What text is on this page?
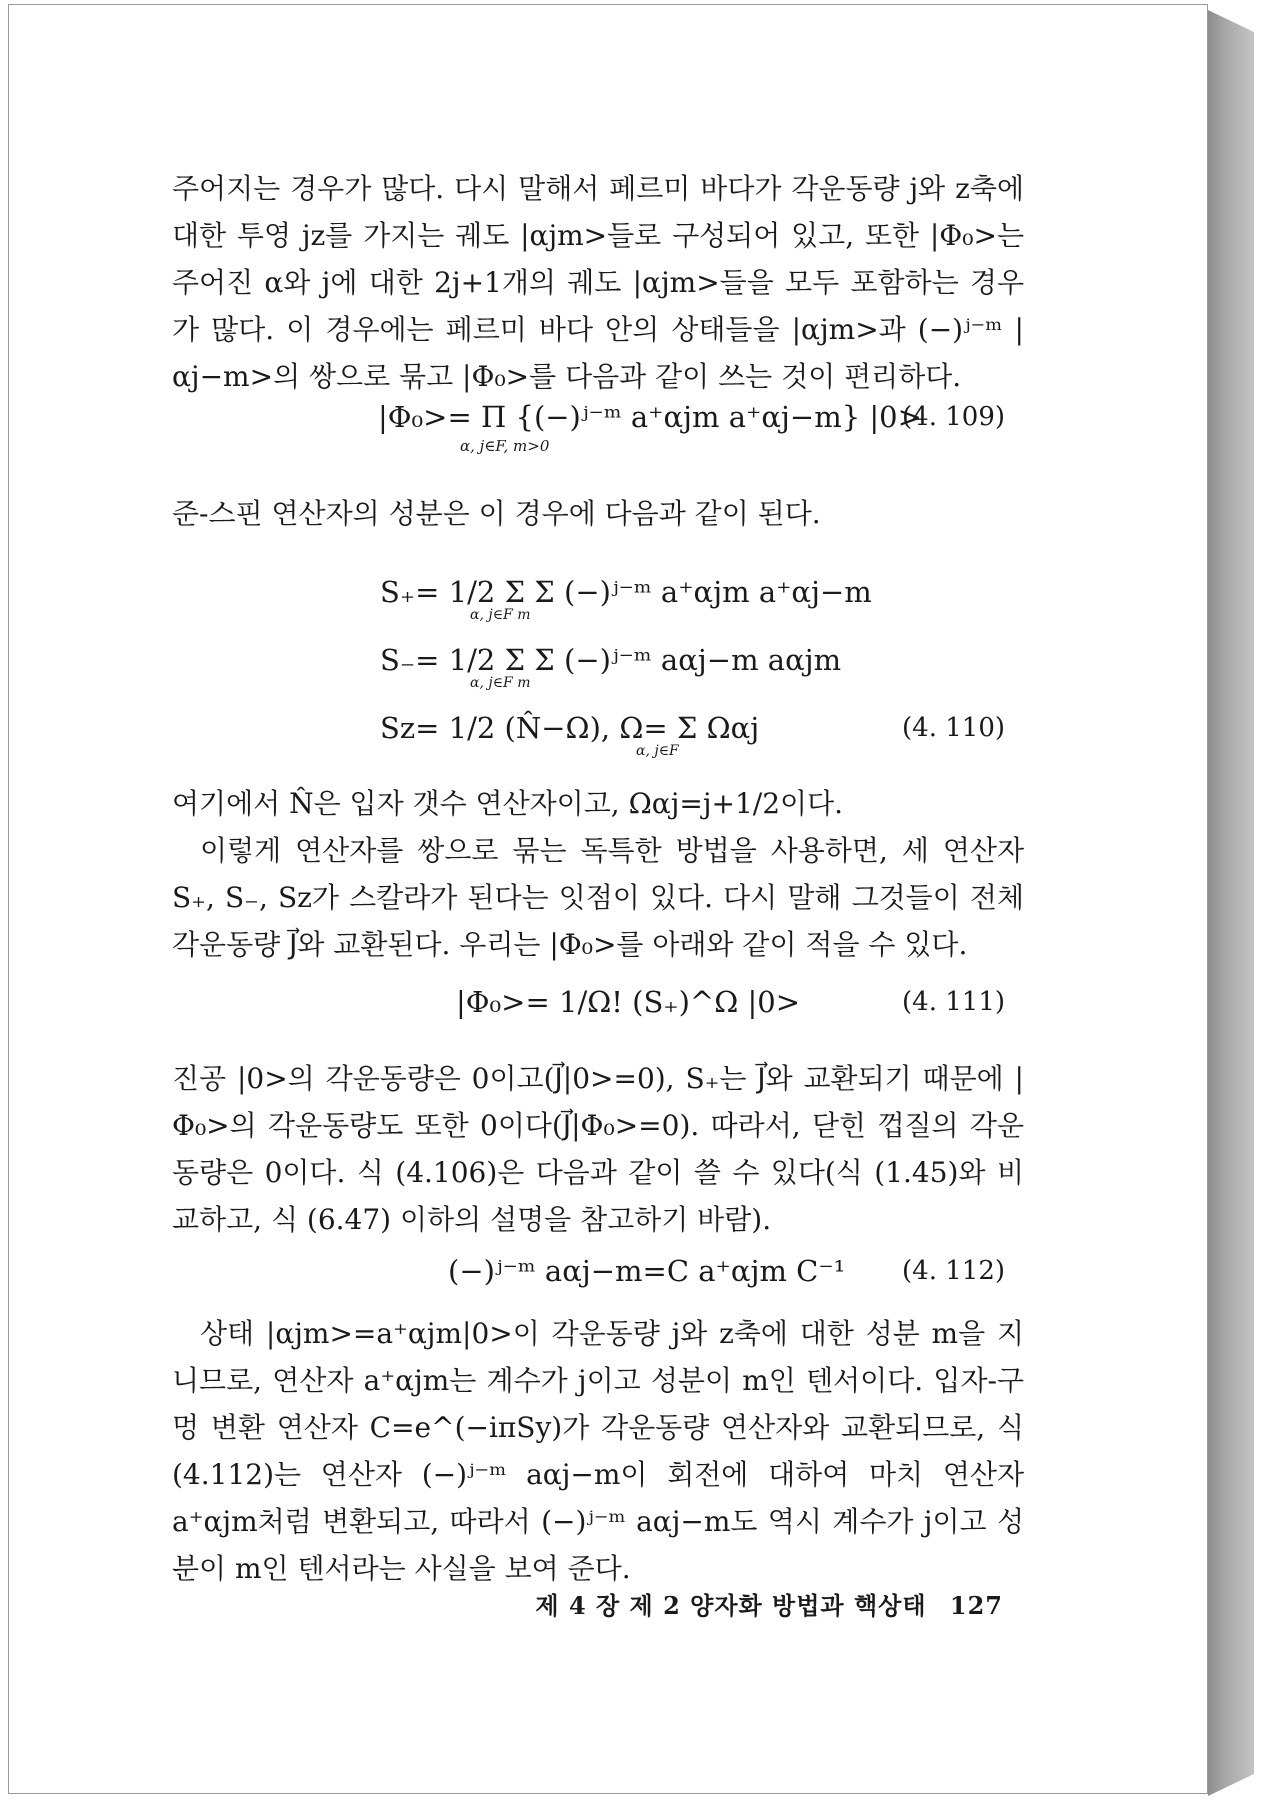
주어지는 경우가 많다. 다시 말해서 페르미 바다가 각운동량 j와 z축에 대한 투영 jz를 가지는 궤도 |αjm>들로 구성되어 있고, 또한 |Φ₀>는 주어진 α와 j에 대한 2j+1개의 궤도 |αjm>들을 모두 포함하는 경우가 많다. 이 경우에는 페르미 바다 안의 상태들을 |αjm>과 (−)ʲ⁻ᵐ |αj−m>의 쌍으로 묶고 |Φ₀>를 다음과 같이 쓰는 것이 편리하다.

|Φ₀>= Π {(−)ʲ⁻ᵐ a⁺αjm a⁺αj−m} |0>
α, j∈F, m>0
(4. 109)

준-스핀 연산자의 성분은 이 경우에 다음과 같이 된다.

S₊= 1/2 Σ Σ (−)ʲ⁻ᵐ a⁺αjm a⁺αj−m
α, j∈F m
S₋= 1/2 Σ Σ (−)ʲ⁻ᵐ aαj−m aαjm
α, j∈F m
Sz= 1/2 (N̂−Ω), Ω= Σ Ωαj
α, j∈F
(4. 110)

여기에서 N̂은 입자 갯수 연산자이고, Ωαj=j+1/2이다.

이렇게 연산자를 쌍으로 묶는 독특한 방법을 사용하면, 세 연산자 S₊, S₋, Sz가 스칼라가 된다는 잇점이 있다. 다시 말해 그것들이 전체 각운동량 J⃗와 교환된다. 우리는 |Φ₀>를 아래와 같이 적을 수 있다.

|Φ₀>= 1/Ω! (S₊)^Ω |0>	(4. 111)

진공 |0>의 각운동량은 0이고(J⃗|0>=0), S₊는 J⃗와 교환되기 때문에 |Φ₀>의 각운동량도 또한 0이다(J⃗|Φ₀>=0). 따라서, 닫힌 껍질의 각운동량은 0이다. 식 (4.106)은 다음과 같이 쓸 수 있다(식 (1.45)와 비교하고, 식 (6.47) 이하의 설명을 참고하기 바람).

(−)ʲ⁻ᵐ aαj−m=C a⁺αjm C⁻¹ (4. 112)

상태 |αjm>=a⁺αjm|0>이 각운동량 j와 z축에 대한 성분 m을 지니므로, 연산자 a⁺αjm는 계수가 j이고 성분이 m인 텐서이다. 입자-구멍 변환 연산자 C=e^(−iπSy)가 각운동량 연산자와 교환되므로, 식 (4.112)는 연산자 (−)ʲ⁻ᵐ aαj−m이 회전에 대하여 마치 연산자 a⁺αjm처럼 변환되고, 따라서 (−)ʲ⁻ᵐ aαj−m도 역시 계수가 j이고 성분이 m인 텐서라는 사실을 보여 준다.

제 4 장 제 2 양자화 방법과 핵상태 127
